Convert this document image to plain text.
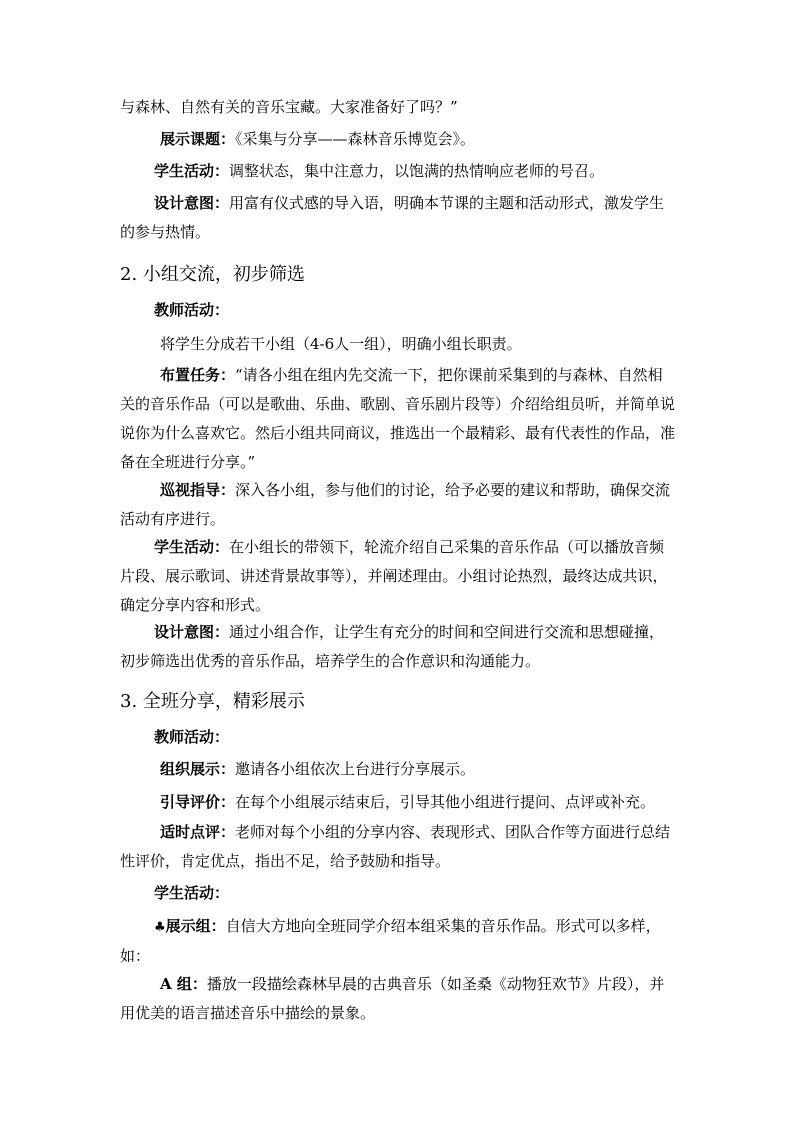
与森林、自然有关的音乐宝藏。大家准备好了吗？”
展示课题：《采集与分享——森林音乐博览会》。
学生活动：调整状态，集中注意力，以饱满的热情响应老师的号召。
设计意图：用富有仪式感的导入语，明确本节课的主题和活动形式，激发学生的参与热情。
2. 小组交流，初步筛选
教师活动：
将学生分成若干小组（4-6人一组），明确小组长职责。
布置任务：“请各小组在组内先交流一下，把你课前采集到的与森林、自然相关的音乐作品（可以是歌曲、乐曲、歌剧、音乐剧片段等）介绍给组员听，并简单说说你为什么喜欢它。然后小组共同商议，推选出一个最精彩、最有代表性的作品，准备在全班进行分享。”
巡视指导：深入各小组，参与他们的讨论，给予必要的建议和帮助，确保交流活动有序进行。
学生活动：在小组长的带领下，轮流介绍自己采集的音乐作品（可以播放音频片段、展示歌词、讲述背景故事等），并阐述理由。小组讨论热烈，最终达成共识，确定分享内容和形式。
设计意图：通过小组合作，让学生有充分的时间和空间进行交流和思想碰撞，初步筛选出优秀的音乐作品，培养学生的合作意识和沟通能力。
3. 全班分享，精彩展示
教师活动：
组织展示：邀请各小组依次上台进行分享展示。
引导评价：在每个小组展示结束后，引导其他小组进行提问、点评或补充。
适时点评：老师对每个小组的分享内容、表现形式、团队合作等方面进行总结性评价，肯定优点，指出不足，给予鼓励和指导。
学生活动：
♣展示组：自信大方地向全班同学介绍本组采集的音乐作品。形式可以多样，如：
A 组：播放一段描绘森林早晨的古典音乐（如圣桑《动物狂欢节》片段），并用优美的语言描述音乐中描绘的景象。
